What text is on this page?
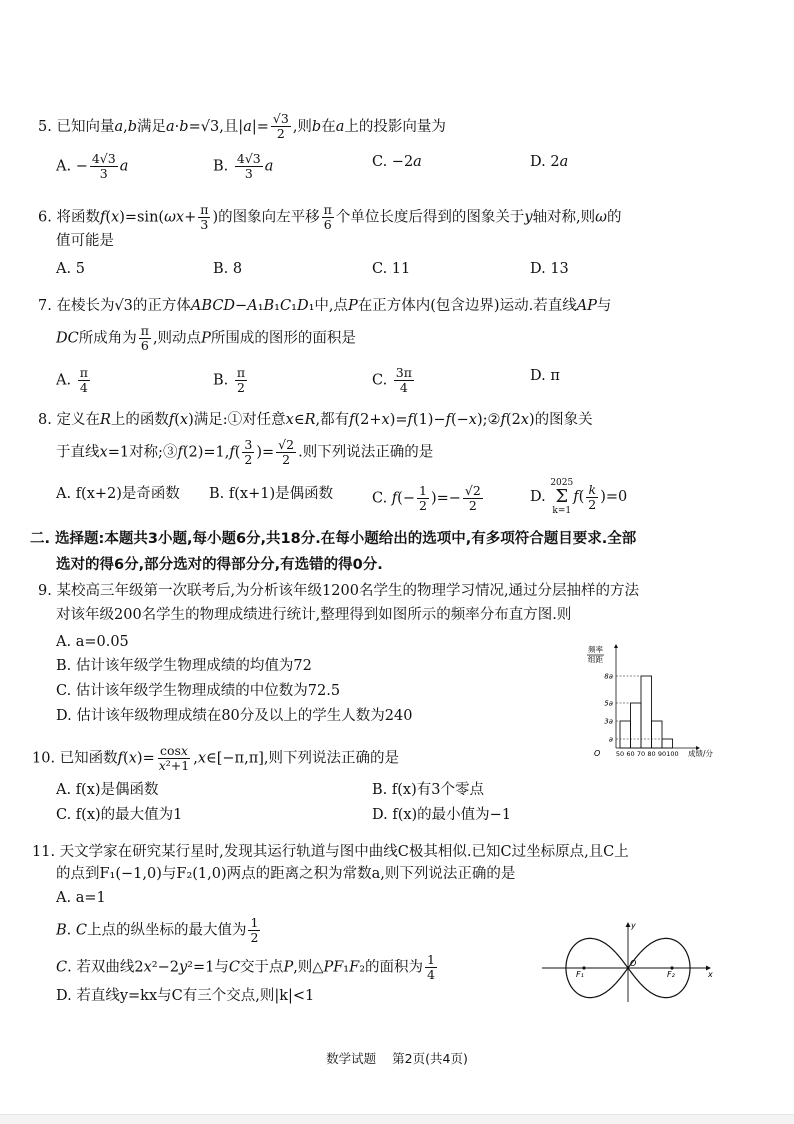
5. 已知向量a,b满足a·b=√3,且$|a|= \frac{√3}{2}$ ,则b在a上的投影向量为
A. − $\frac{4√3}{3}$ a	B. $\frac{4√3}{3}$ a	C. −2a	D. 2a
6. 将函数$f(x)=\sin(\omega x+ \frac{\pi}{3}$ )的图象向左平移 $\frac{\pi}{6}$ 个单位长度后得到的图象关于y轴对称,则ω的
值可能是
A. 5	B. 8	C. 11	D. 13
7. 在棱长为√3的正方体ABCD−A₁B₁C₁D₁中,点P在正方体内(包含边界)运动.若直线AP与
DC所成角为 $\frac{\pi}{6}$ ,则动点P所围成的图形的面积是
A. $\frac{\pi}{4}$	B. $\frac{\pi}{2}$	C. $\frac{3\pi}{4}$	D. π
8. 定义在R上的函数f(x)满足:①对任意x∈R,都有f(2+x)=f(1)−f(−x);②f(2x)的图象关
于直线x=1对称;③f(2)=1,f( $\frac{3}{2}$ )= $\frac{√2}{2}$ .则下列说法正确的是
A. f(x+2)是奇函数 B. f(x+1)是偶函数	C. $f(- \frac{1}{2}$ )=− $\frac{√2}{2}$	D.
2025
Σ
k=1
$f( \frac{k}{2} )=0$
二. 选择题:本题共3小题,每小题6分,共18分.在每小题给出的选项中,有多项符合题目要求.全部
选对的得6分,部分选对的得部分分,有选错的得0分.
9. 某校高三年级第一次联考后,为分析该年级1200名学生的物理学习情况,通过分层抽样的方法
对该年级200名学生的物理成绩进行统计,整理得到如图所示的频率分布直方图.则
A. a=0.05
B. 估计该年级学生物理成绩的均值为72
C. 估计该年级学生物理成绩的中位数为72.5
D. 估计该年级物理成绩在80分及以上的学生人数为240
频率
组距
O	成绩/分
8a
5a
3a
a
50 60 70 80 90 100
10. 已知函数$f(x)= \frac{\cos x}{\text{x²+1}}$ ,x∈[−π,π],则下列说法正确的是
A. f(x)是偶函数	B. f(x)有3个零点
C. f(x)的最大值为1	D. f(x)的最小值为−1
11. 天文学家在研究某行星时,发现其运行轨道与图中曲线C极其相似.已知C过坐标原点,且C上
的点到F₁(−1,0)与F₂(1,0)两点的距离之积为常数a,则下列说法正确的是
A. a=1
B. C上点的纵坐标的最大值为 $\frac{1}{2}$
C. 若双曲线2x²−2y²=1与C交于点P,则△PF₁F₂的面积为 $\frac{1}{4}$
D. 若直线y=kx与C有三个交点,则|k|<1
F₁	F₂
O
x
y
数学试题 第2页(共4页)
